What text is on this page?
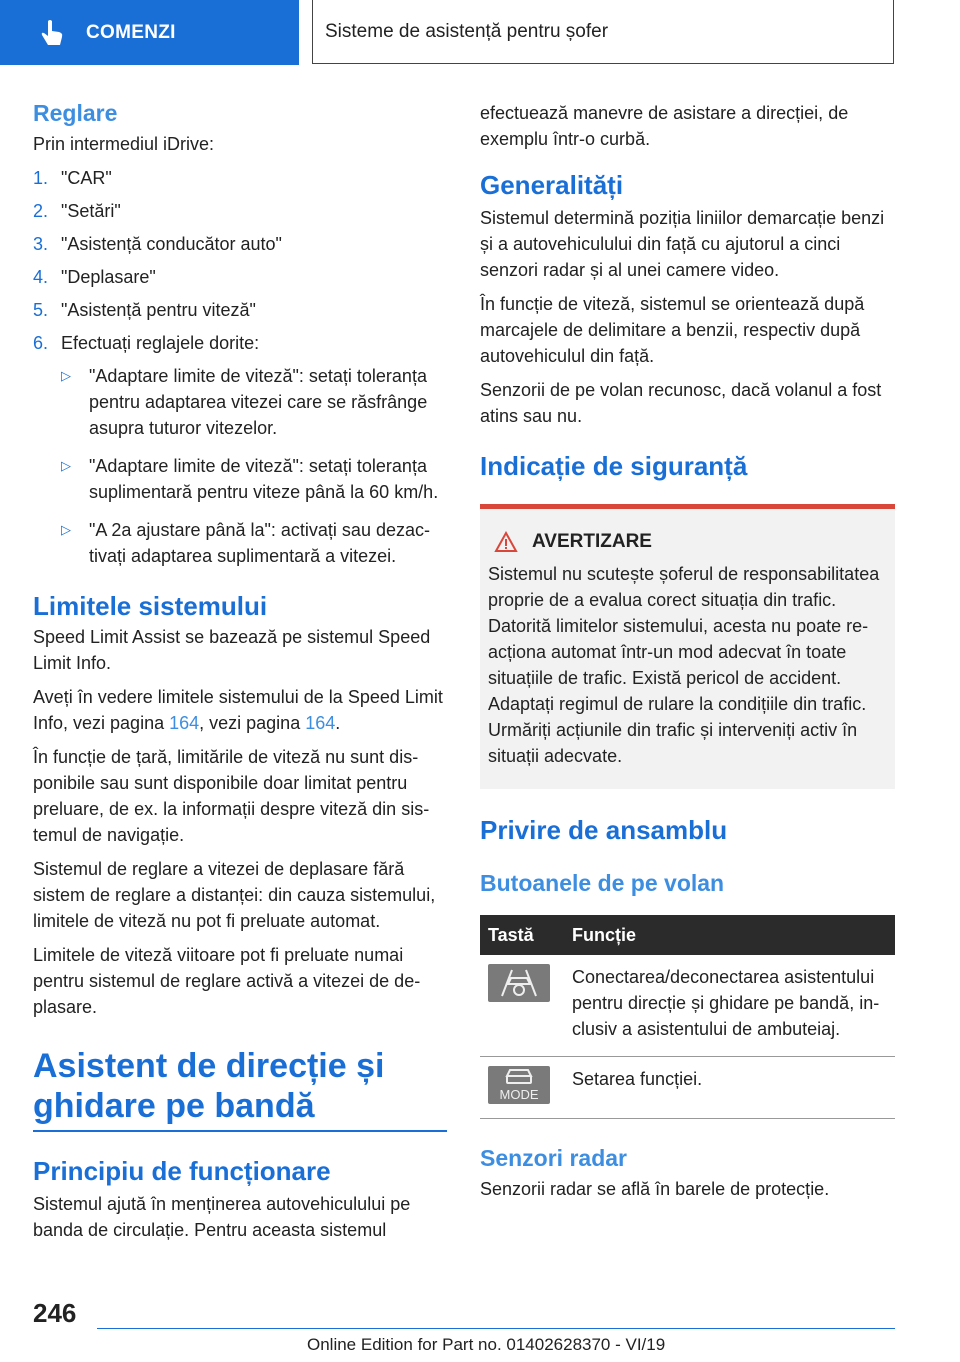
COMENZI	Sisteme de asistență pentru șofer
Reglare

Prin intermediul iDrive:

1. "CAR"
2. "Setări"
3. "Asistență conducător auto"
4. "Deplasare"
5. "Asistență pentru viteză"
6. Efectuați reglajele dorite:
▷	"Adaptare limite de viteză": setați toleranța pentru adaptarea vitezei care se răsfrânge asupra tuturor vitezelor.
▷	"Adaptare limite de viteză": setați toleranța suplimentară pentru viteze până la 60 km/h.
▷	"A 2a ajustare până la": activați sau dezactivați adaptarea suplimentară a vitezei.
Limitele sistemului

Speed Limit Assist se bazează pe sistemul Speed Limit Info.

Aveți în vedere limitele sistemului de la Speed Limit Info, vezi pagina 164, vezi pagina 164.

În funcție de țară, limitările de viteză nu sunt disponibile sau sunt disponibile doar limitat pentru preluare, de ex. la informații despre viteză din sistemul de navigație.

Sistemul de reglare a vitezei de deplasare fără sistem de reglare a distanței: din cauza sistemului, limitele de viteză nu pot fi preluate automat.

Limitele de viteză viitoare pot fi preluate numai pentru sistemul de reglare activă a vitezei de deplasare.

Asistent de direcție și ghidare pe bandă
Principiu de funcționare

Sistemul ajută în menținerea autovehiculului pe banda de circulație. Pentru aceasta sistemul

efectuează manevre de asistare a direcției, de exemplu într-o curbă.

Generalități

Sistemul determină poziția liniilor demarcație benzi și a autovehiculului din față cu ajutorul a cinci senzori radar și al unei camere video.

În funcție de viteză, sistemul se orientează după marcajele de delimitare a benzii, respectiv după autovehiculul din față.

Senzorii de pe volan recunosc, dacă volanul a fost atins sau nu.

Indicație de siguranță
AVERTIZARE

Sistemul nu scutește șoferul de responsabilitatea proprie de a evalua corect situația din trafic. Datorită limitelor sistemului, acesta nu poate reacționa automat într-un mod adecvat în toate situațiile de trafic. Există pericol de accident. Adaptați regimul de rulare la condițiile din trafic. Urmăriți acțiunile din trafic și interveniți activ în situații adecvate.

Privire de ansamblu
Butoanele de pe volan
Tastă	Funcție

	Conectarea/deconectarea asistentului pentru direcție și ghidare pe bandă, inclusiv a asistentului de ambuteiaj.

MODE	Setarea funcției.
Senzori radar

Senzorii radar se află în barele de protecție.

246
Online Edition for Part no. 01402628370 - VI/19
